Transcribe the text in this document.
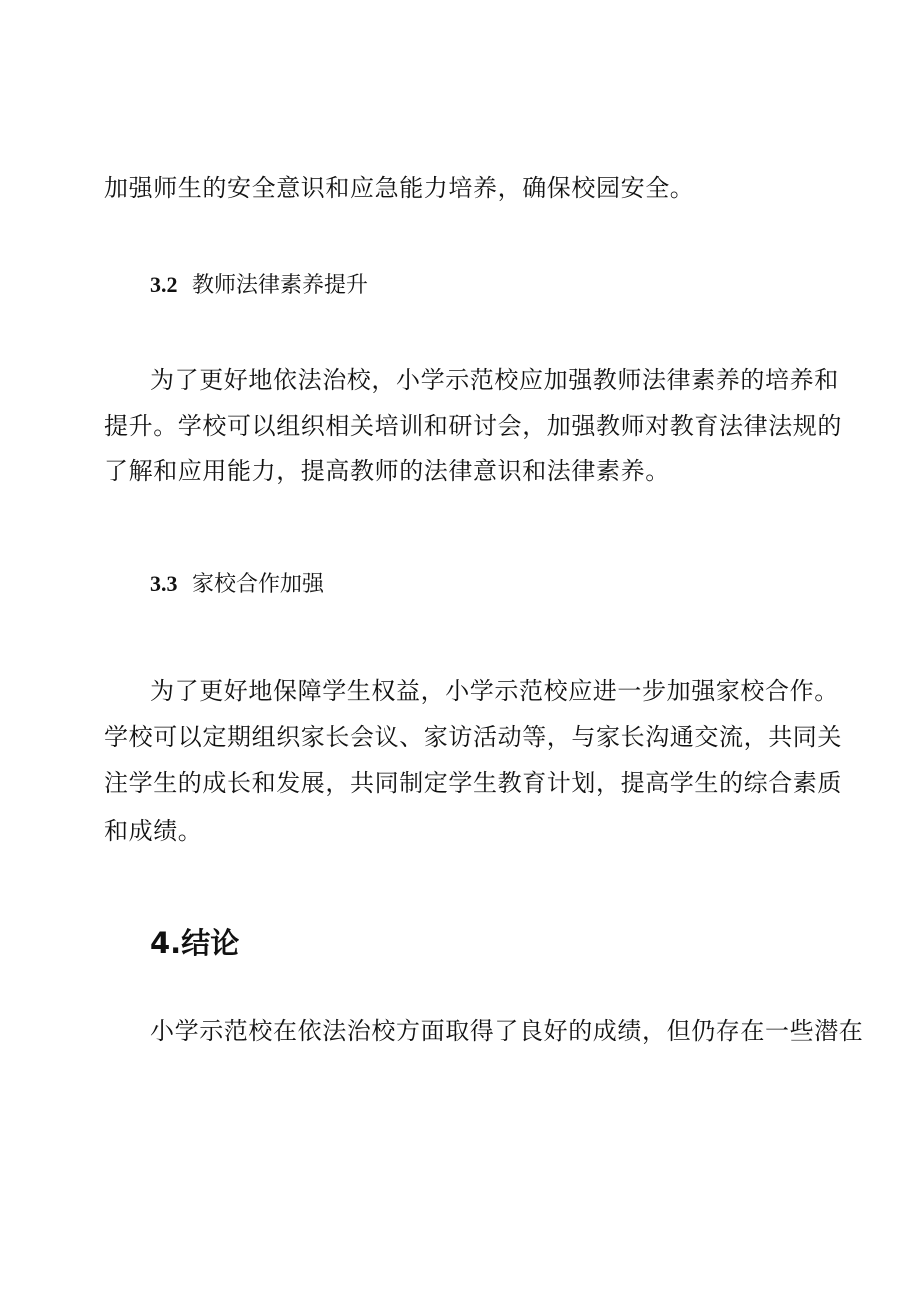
加强师生的安全意识和应急能力培养，确保校园安全。
3.2 教师法律素养提升
为了更好地依法治校，小学示范校应加强教师法律素养的培养和
提升。学校可以组织相关培训和研讨会，加强教师对教育法律法规的
了解和应用能力，提高教师的法律意识和法律素养。
3.3 家校合作加强
为了更好地保障学生权益，小学示范校应进一步加强家校合作。
学校可以定期组织家长会议、家访活动等，与家长沟通交流，共同关
注学生的成长和发展，共同制定学生教育计划，提高学生的综合素质
和成绩。
4.结论
小学示范校在依法治校方面取得了良好的成绩，但仍存在一些潜在
